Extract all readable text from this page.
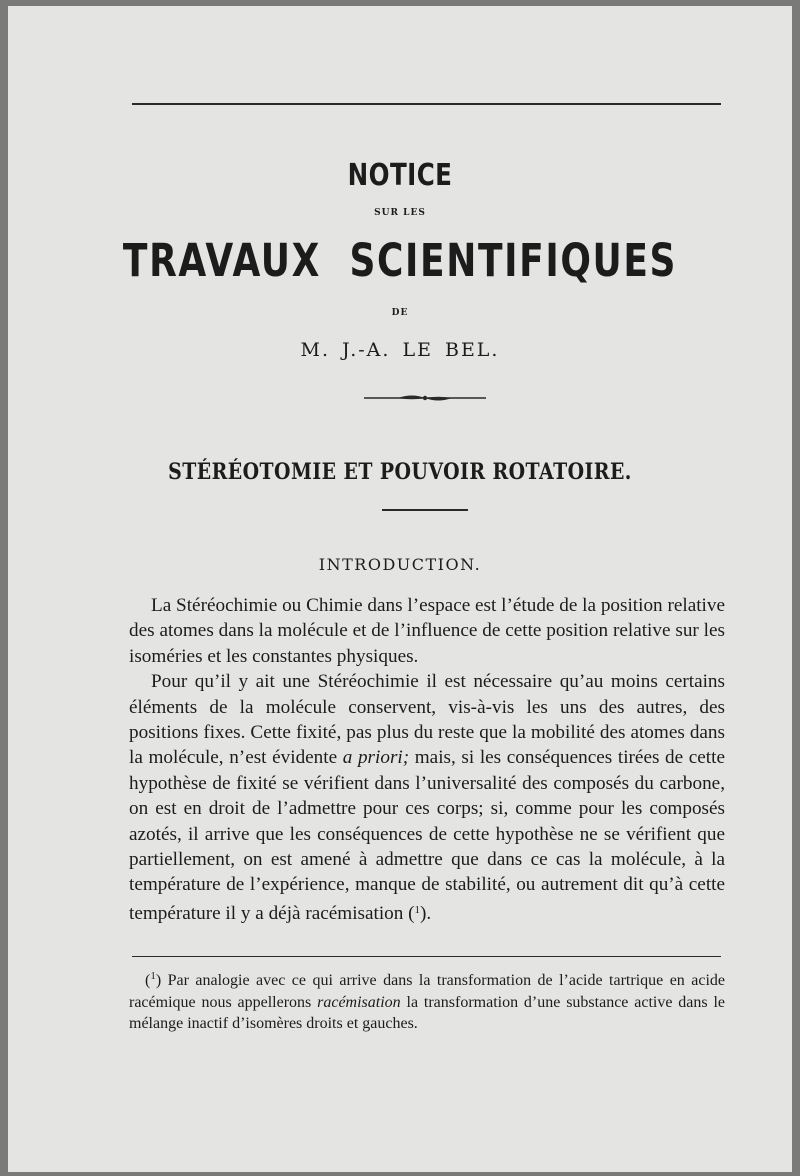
NOTICE
SUR LES
TRAVAUX SCIENTIFIQUES
DE
M. J.-A. LE BEL.
STÉRÉOTOMIE ET POUVOIR ROTATOIRE.
INTRODUCTION.

La Stéréochimie ou Chimie dans l’espace est l’étude de la position relative des atomes dans la molécule et de l’influence de cette position relative sur les isoméries et les constantes physiques.

Pour qu’il y ait une Stéréochimie il est nécessaire qu’au moins certains éléments de la molécule conservent, vis-à-vis les uns des autres, des positions fixes. Cette fixité, pas plus du reste que la mobilité des atomes dans la molécule, n’est évidente a priori; mais, si les conséquences tirées de cette hypothèse de fixité se vérifient dans l’universalité des composés du carbone, on est en droit de l’admettre pour ces corps; si, comme pour les composés azotés, il arrive que les conséquences de cette hypothèse ne se vérifient que partiellement, on est amené à admettre que dans ce cas la molécule, à la température de l’expérience, manque de stabilité, ou autrement dit qu’à cette température il y a déjà racémisation ($^1$).

($^1$) Par analogie avec ce qui arrive dans la transformation de l’acide tartrique en acide racémique nous appellerons racémisation la transformation d’une substance active dans le mélange inactif d’isomères droits et gauches.
